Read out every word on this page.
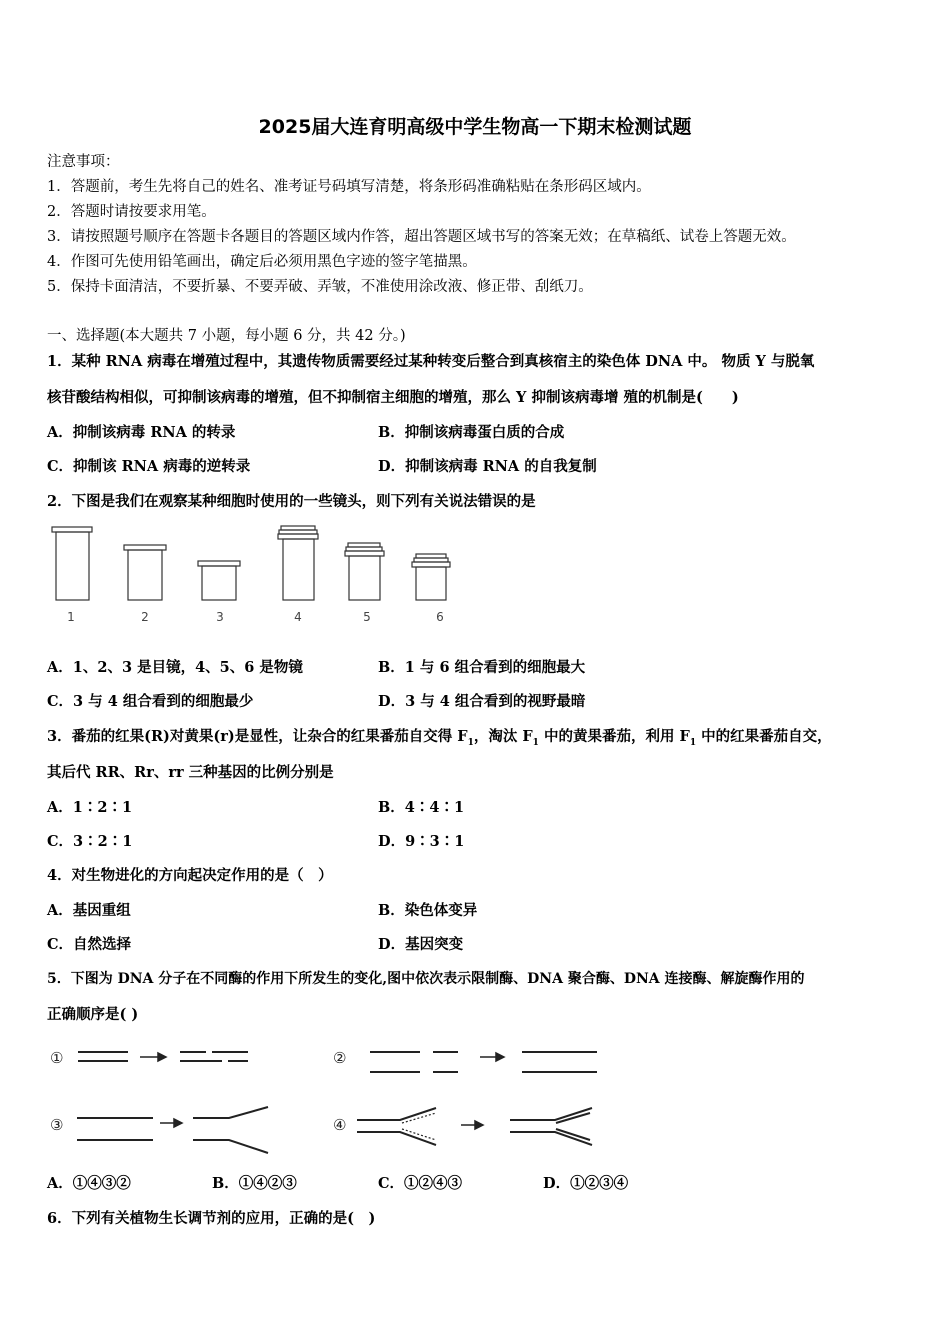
2025届大连育明高级中学生物高一下期末检测试题
注意事项：
1．答题前，考生先将自己的姓名、准考证号码填写清楚，将条形码准确粘贴在条形码区域内。
2．答题时请按要求用笔。
3．请按照题号顺序在答题卡各题目的答题区域内作答，超出答题区域书写的答案无效；在草稿纸、试卷上答题无效。
4．作图可先使用铅笔画出，确定后必须用黑色字迹的签字笔描黑。
5．保持卡面清洁，不要折暴、不要弄破、弄皱，不准使用涂改液、修正带、刮纸刀。
一、选择题(本大题共 7 小题，每小题 6 分，共 42 分。)
1．某种 RNA 病毒在增殖过程中，其遗传物质需要经过某种转变后整合到真核宿主的染色体 DNA 中。 物质 Y 与脱氧
核苷酸结构相似，可抑制该病毒的增殖，但不抑制宿主细胞的增殖，那么 Y 抑制该病毒增 殖的机制是(　　)
A．抑制该病毒 RNA 的转录	B．抑制该病毒蛋白质的合成
C．抑制该 RNA 病毒的逆转录	D．抑制该病毒 RNA 的自我复制
2．下图是我们在观察某种细胞时使用的一些镜头，则下列有关说法错误的是
1	2	3	4	5	6
①	②
③	④
A．1、2、3 是目镜，4、5、6 是物镜	B．1 与 6 组合看到的细胞最大
C．3 与 4 组合看到的细胞最少	D．3 与 4 组合看到的视野最暗
3．番茄的红果(R)对黄果(r)是显性，让杂合的红果番茄自交得 $F_1$，淘汰 $F_1$ 中的黄果番茄，利用 $F_1$ 中的红果番茄自交，
其后代 RR、Rr、rr 三种基因的比例分别是
A．1∶2∶1	B．4∶4∶1
C．3∶2∶1	D．9∶3∶1
4．对生物进化的方向起决定作用的是（　）
A．基因重组	B．染色体变异
C．自然选择	D．基因突变
5．下图为 DNA 分子在不同酶的作用下所发生的变化,图中依次表示限制酶、DNA 聚合酶、DNA 连接酶、解旋酶作用的
正确顺序是( )
A．①④③②	B．①④②③	C．①②④③	D．①②③④
6．下列有关植物生长调节剂的应用，正确的是(　)
